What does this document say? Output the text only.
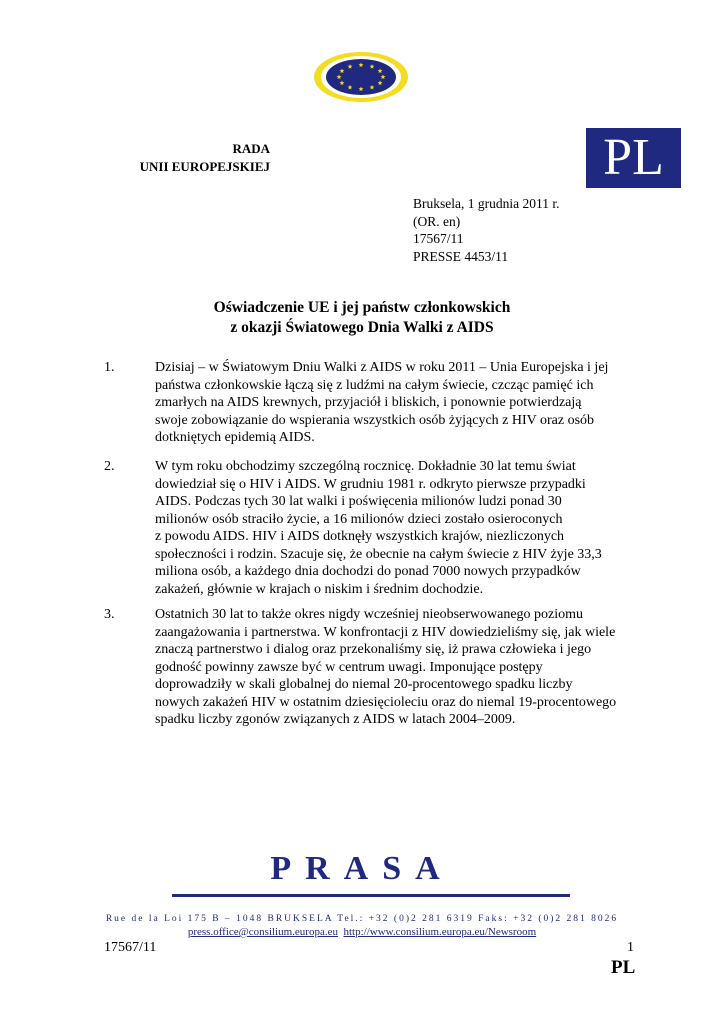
RADA
UNII EUROPEJSKIEJ	PL
Bruksela, 1 grudnia 2011 r.
(OR. en)
17567/11
PRESSE 4453/11
Oświadczenie UE i jej państw członkowskich
z okazji Światowego Dnia Walki z AIDS
1.	Dzisiaj – w Światowym Dniu Walki z AIDS w roku 2011 – Unia Europejska i jej
państwa członkowskie łączą się z ludźmi na całym świecie, czcząc pamięć ich
zmarłych na AIDS krewnych, przyjaciół i bliskich, i ponownie potwierdzają
swoje zobowiązanie do wspierania wszystkich osób żyjących z HIV oraz osób
dotkniętych epidemią AIDS.
2.	W tym roku obchodzimy szczególną rocznicę. Dokładnie 30 lat temu świat
dowiedział się o HIV i AIDS. W grudniu 1981 r. odkryto pierwsze przypadki
AIDS. Podczas tych 30 lat walki i poświęcenia milionów ludzi ponad 30
milionów osób straciło życie, a 16 milionów dzieci zostało osieroconych
z powodu AIDS. HIV i AIDS dotknęły wszystkich krajów, niezliczonych
społeczności i rodzin. Szacuje się, że obecnie na całym świecie z HIV żyje 33,3
miliona osób, a każdego dnia dochodzi do ponad 7000 nowych przypadków
zakażeń, głównie w krajach o niskim i średnim dochodzie.
3.	Ostatnich 30 lat to także okres nigdy wcześniej nieobserwowanego poziomu
zaangażowania i partnerstwa. W konfrontacji z HIV dowiedzieliśmy się, jak wiele
znaczą partnerstwo i dialog oraz przekonaliśmy się, iż prawa człowieka i jego
godność powinny zawsze być w centrum uwagi. Imponujące postępy
doprowadziły w skali globalnej do niemal 20-procentowego spadku liczby
nowych zakażeń HIV w ostatnim dziesięcioleciu oraz do niemal 19-procentowego
spadku liczby zgonów związanych z AIDS w latach 2004–2009.
PRASA
Rue de la Loi 175 B – 1048 BRUKSELA Tel.: +32 (0)2 281 6319 Faks: +32 (0)2 281 8026
press.office@consilium.europa.eu http://www.consilium.europa.eu/Newsroom
17567/11	1
PL
